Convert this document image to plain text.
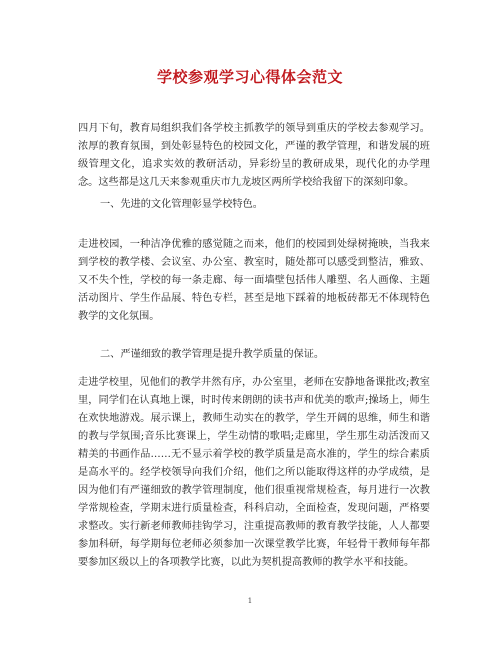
学校参观学习心得体会范文
四月下旬，教育局组织我们各学校主抓教学的领导到重庆的学校去参观学习。浓厚的教育氛围，到处彰显特色的校园文化，严谨的教学管理，和谐发展的班级管理文化，追求实效的教研活动，异彩纷呈的教研成果，现代化的办学理念。这些都是这几天来参观重庆市九龙坡区两所学校给我留下的深刻印象。
一、先进的文化管理彰显学校特色。
走进校园，一种洁净优雅的感觉随之而来，他们的校园到处绿树掩映，当我来到学校的教学楼、会议室、办公室、教室时，随处都可以感受到整洁，雅致、又不失个性，学校的每一条走廊、每一面墙壁包括伟人雕塑、名人画像、主题活动图片、学生作品展、特色专栏，甚至是地下踩着的地板砖都无不体现特色教学的文化氛围。
二、严谨细致的教学管理是提升教学质量的保证。
走进学校里，见他们的教学井然有序，办公室里，老师在安静地备课批改;教室里，同学们在认真地上课，时时传来朗朗的读书声和优美的歌声;操场上，师生在欢快地游戏。展示课上，教师生动实在的教学，学生开阔的思维，师生和谐的教与学氛围;音乐比赛课上，学生动情的歌唱;走廊里，学生那生动活泼而又精美的书画作品……无不显示着学校的教学质量是高水准的，学生的综合素质是高水平的。经学校领导向我们介绍，他们之所以能取得这样的办学成绩，是因为他们有严谨细致的教学管理制度，他们很重视常规检查，每月进行一次教学常规检查，学期末进行质量检查，科科启动，全面检查，发现问题，严格要求整改。实行新老师教师挂钩学习，注重提高教师的教育教学技能，人人都要参加科研，每学期每位老师必须参加一次课堂教学比赛，年轻骨干教师每年都要参加区级以上的各项教学比赛，以此为契机提高教师的教学水平和技能。
1
